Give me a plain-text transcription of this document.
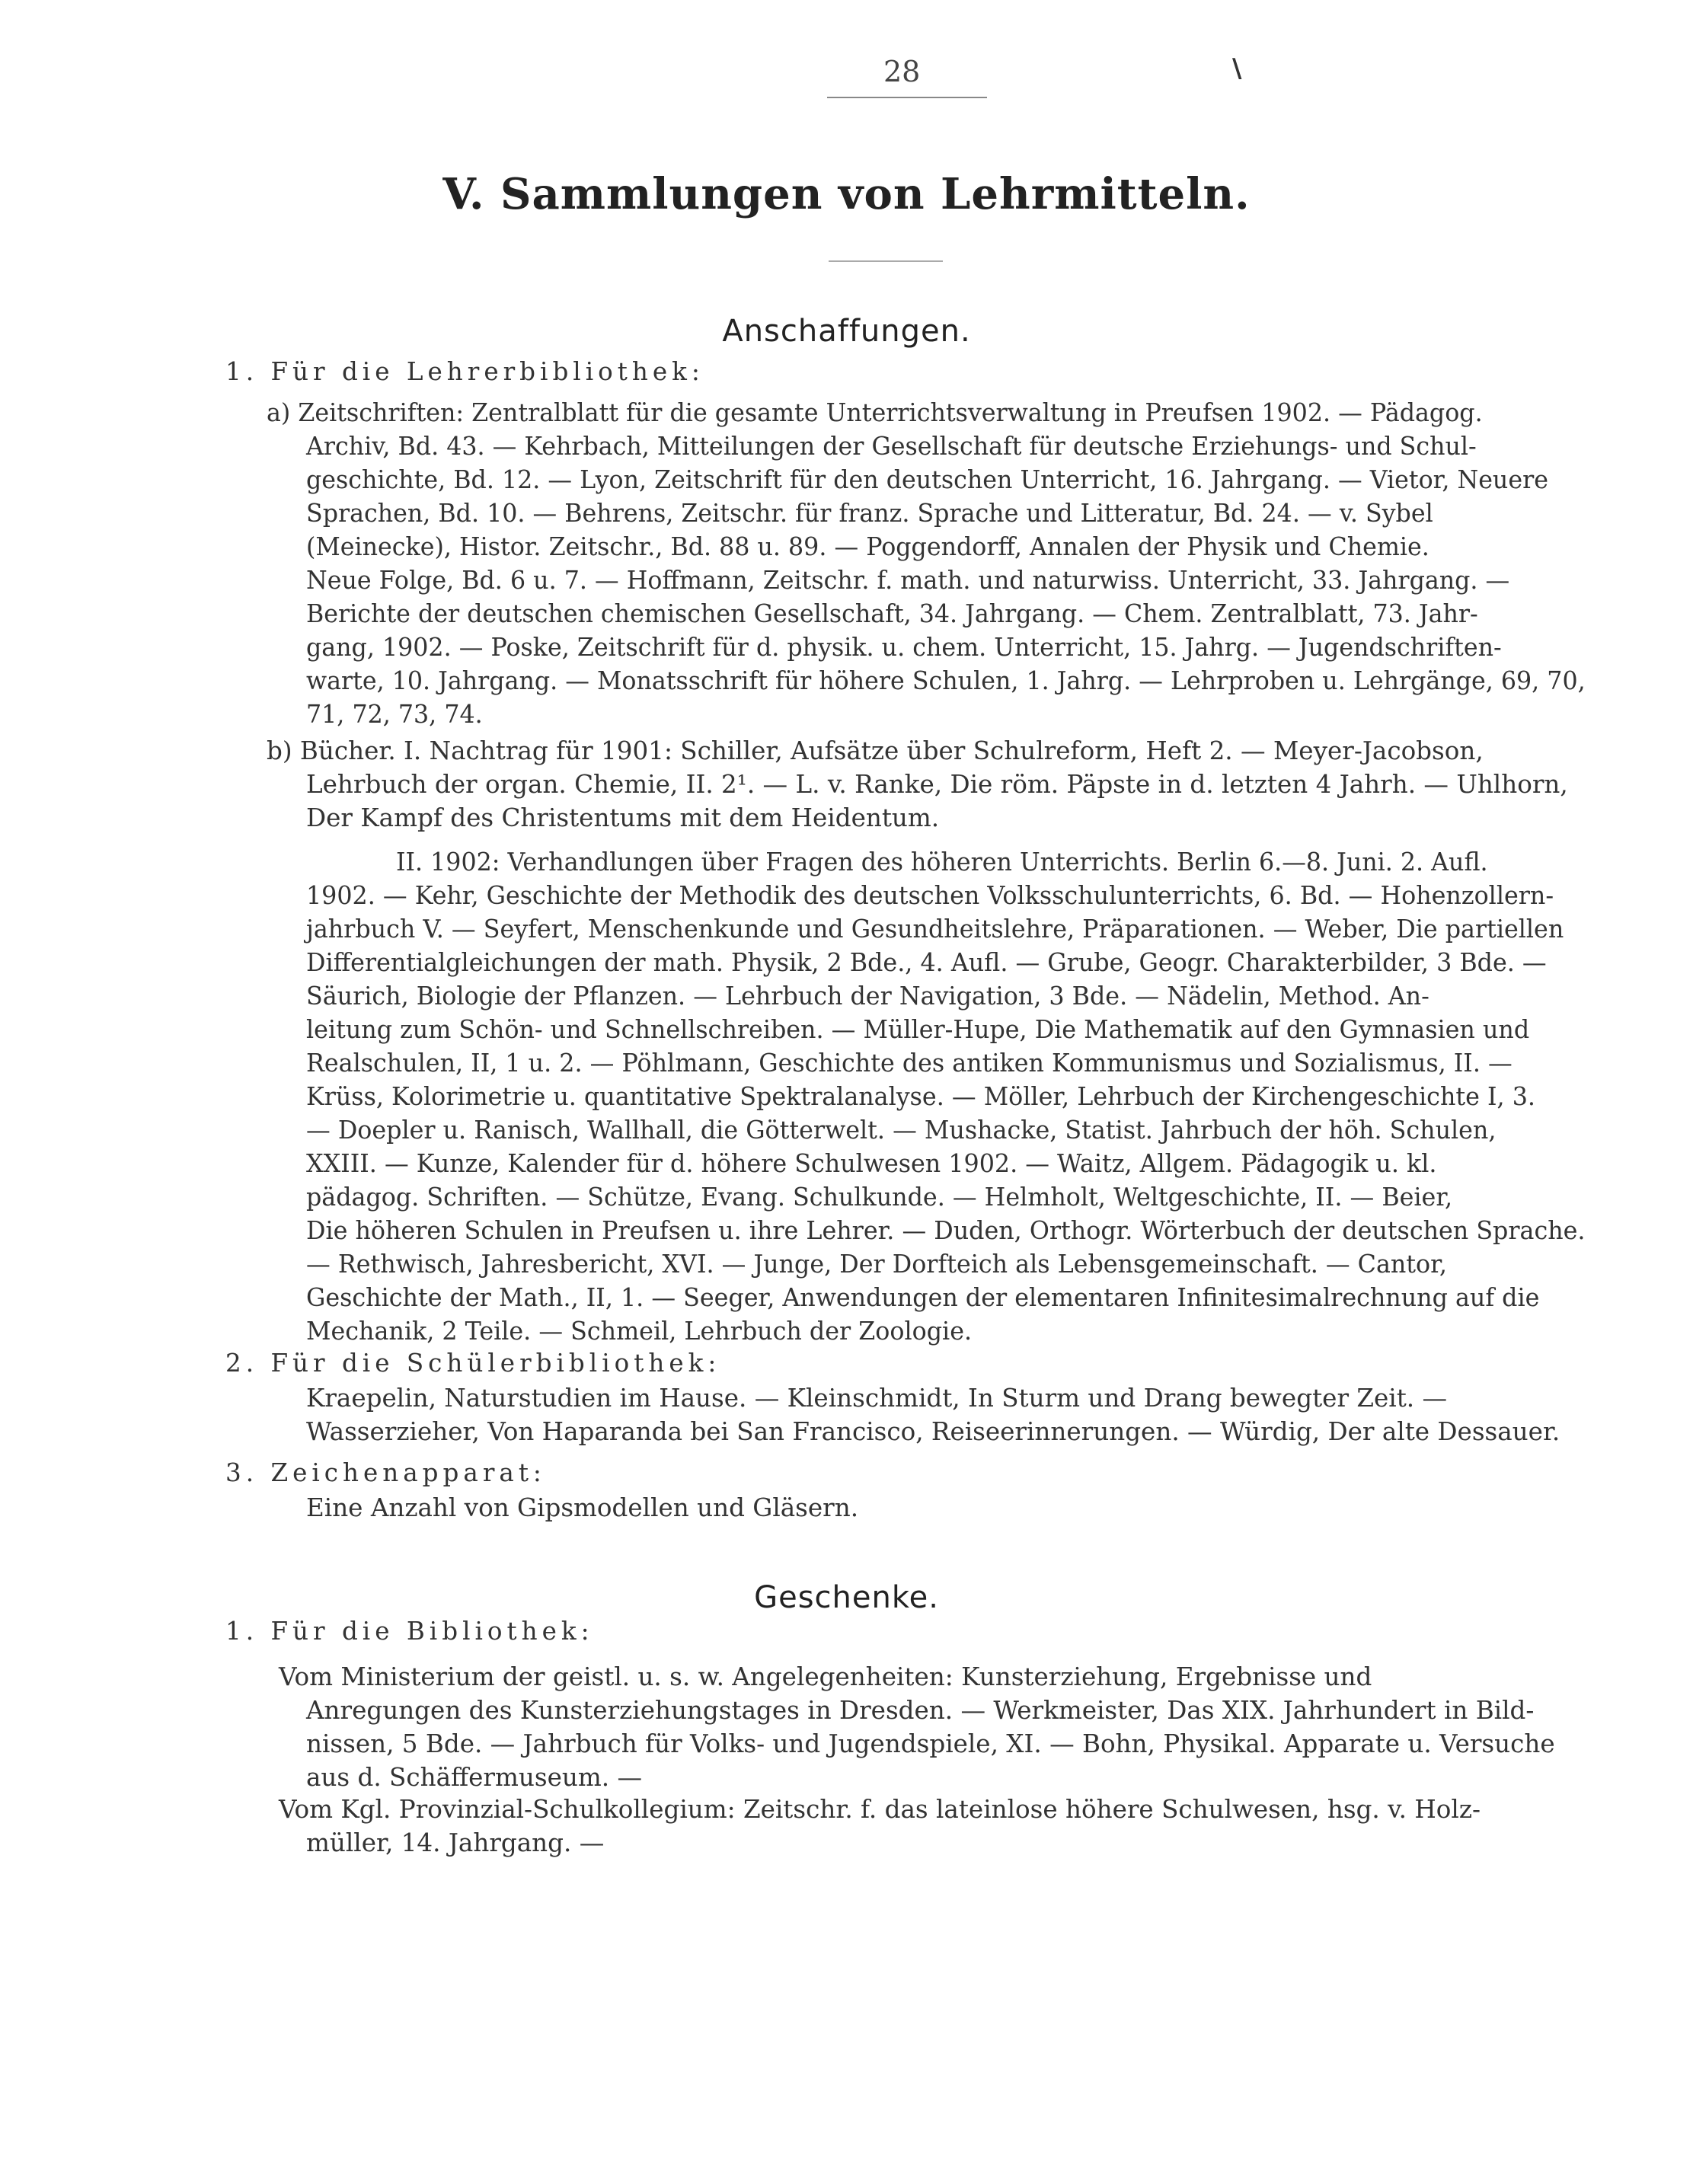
28	\
V. Sammlungen von Lehrmitteln.
Anschaffungen.
1. Für die Lehrerbibliothek:
a) Zeitschriften: Zentralblatt für die gesamte Unterrichtsverwaltung in Preufsen 1902. — Pädagog.
Archiv, Bd. 43. — Kehrbach, Mitteilungen der Gesellschaft für deutsche Erziehungs- und Schul-
geschichte, Bd. 12. — Lyon, Zeitschrift für den deutschen Unterricht, 16. Jahrgang. — Vietor, Neuere
Sprachen, Bd. 10. — Behrens, Zeitschr. für franz. Sprache und Litteratur, Bd. 24. — v. Sybel
(Meinecke), Histor. Zeitschr., Bd. 88 u. 89. — Poggendorff, Annalen der Physik und Chemie.
Neue Folge, Bd. 6 u. 7. — Hoffmann, Zeitschr. f. math. und naturwiss. Unterricht, 33. Jahrgang. —
Berichte der deutschen chemischen Gesellschaft, 34. Jahrgang. — Chem. Zentralblatt, 73. Jahr-
gang, 1902. — Poske, Zeitschrift für d. physik. u. chem. Unterricht, 15. Jahrg. — Jugendschriften-
warte, 10. Jahrgang. — Monatsschrift für höhere Schulen, 1. Jahrg. — Lehrproben u. Lehrgänge, 69, 70,
71, 72, 73, 74.
b) Bücher. I. Nachtrag für 1901: Schiller, Aufsätze über Schulreform, Heft 2. — Meyer-Jacobson,
Lehrbuch der organ. Chemie, II. 2¹. — L. v. Ranke, Die röm. Päpste in d. letzten 4 Jahrh. — Uhlhorn,
Der Kampf des Christentums mit dem Heidentum.
II. 1902: Verhandlungen über Fragen des höheren Unterrichts. Berlin 6.—8. Juni. 2. Aufl.
1902. — Kehr, Geschichte der Methodik des deutschen Volksschulunterrichts, 6. Bd. — Hohenzollern-
jahrbuch V. — Seyfert, Menschenkunde und Gesundheitslehre, Präparationen. — Weber, Die partiellen
Differentialgleichungen der math. Physik, 2 Bde., 4. Aufl. — Grube, Geogr. Charakterbilder, 3 Bde. —
Säurich, Biologie der Pflanzen. — Lehrbuch der Navigation, 3 Bde. — Nädelin, Method. An-
leitung zum Schön- und Schnellschreiben. — Müller-Hupe, Die Mathematik auf den Gymnasien und
Realschulen, II, 1 u. 2. — Pöhlmann, Geschichte des antiken Kommunismus und Sozialismus, II. —
Krüss, Kolorimetrie u. quantitative Spektralanalyse. — Möller, Lehrbuch der Kirchengeschichte I, 3.
— Doepler u. Ranisch, Wallhall, die Götterwelt. — Mushacke, Statist. Jahrbuch der höh. Schulen,
XXIII. — Kunze, Kalender für d. höhere Schulwesen 1902. — Waitz, Allgem. Pädagogik u. kl.
pädagog. Schriften. — Schütze, Evang. Schulkunde. — Helmholt, Weltgeschichte, II. — Beier,
Die höheren Schulen in Preufsen u. ihre Lehrer. — Duden, Orthogr. Wörterbuch der deutschen Sprache.
— Rethwisch, Jahresbericht, XVI. — Junge, Der Dorfteich als Lebensgemeinschaft. — Cantor,
Geschichte der Math., II, 1. — Seeger, Anwendungen der elementaren Infinitesimalrechnung auf die
Mechanik, 2 Teile. — Schmeil, Lehrbuch der Zoologie.
2. Für die Schülerbibliothek:
Kraepelin, Naturstudien im Hause. — Kleinschmidt, In Sturm und Drang bewegter Zeit. —
Wasserzieher, Von Haparanda bei San Francisco, Reiseerinnerungen. — Würdig, Der alte Dessauer.
3. Zeichenapparat:
Eine Anzahl von Gipsmodellen und Gläsern.
Geschenke.
1. Für die Bibliothek:
Vom Ministerium der geistl. u. s. w. Angelegenheiten: Kunsterziehung, Ergebnisse und
Anregungen des Kunsterziehungstages in Dresden. — Werkmeister, Das XIX. Jahrhundert in Bild-
nissen, 5 Bde. — Jahrbuch für Volks- und Jugendspiele, XI. — Bohn, Physikal. Apparate u. Versuche
aus d. Schäffermuseum. —
Vom Kgl. Provinzial-Schulkollegium: Zeitschr. f. das lateinlose höhere Schulwesen, hsg. v. Holz-
müller, 14. Jahrgang. —
